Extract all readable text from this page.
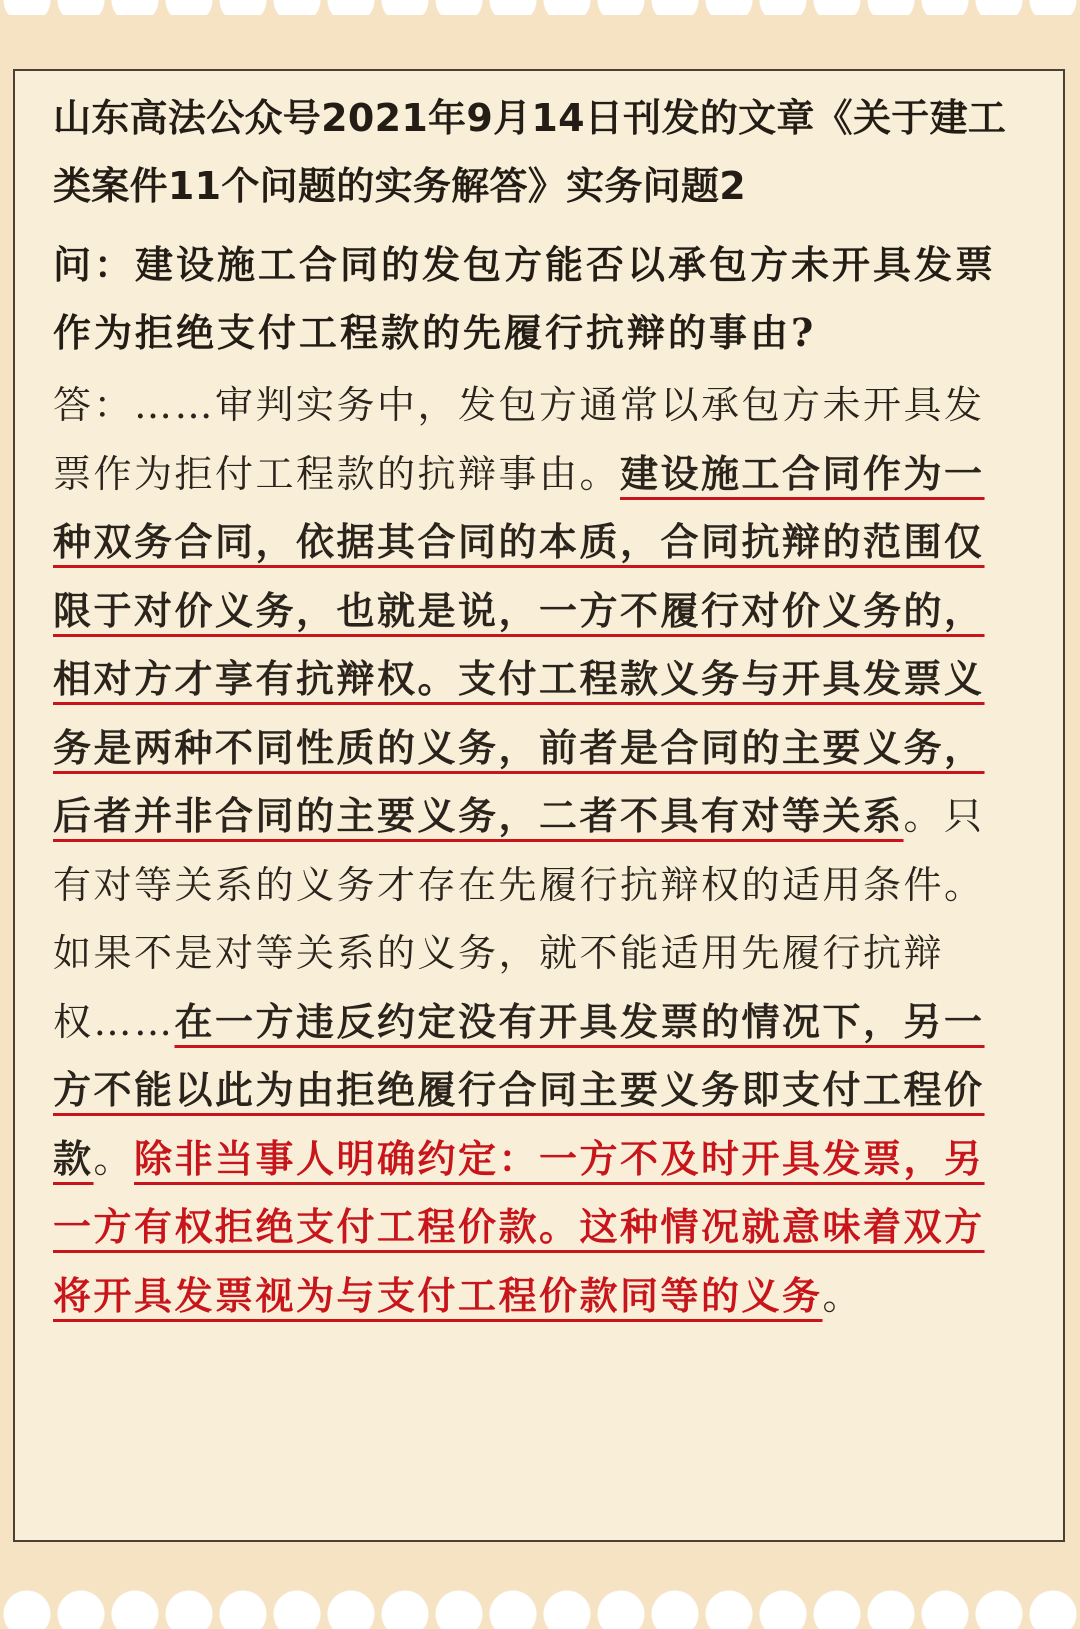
山东高法公众号2021年9月14日刊发的文章《关于建工类案件11个问题的实务解答》实务问题2
问：建设施工合同的发包方能否以承包方未开具发票作为拒绝支付工程款的先履行抗辩的事由?
答：……审判实务中，发包方通常以承包方未开具发票作为拒付工程款的抗辩事由。建设施工合同作为一种双务合同，依据其合同的本质，合同抗辩的范围仅限于对价义务，也就是说，一方不履行对价义务的，相对方才享有抗辩权。支付工程款义务与开具发票义务是两种不同性质的义务，前者是合同的主要义务，后者并非合同的主要义务，二者不具有对等关系。只有对等关系的义务才存在先履行抗辩权的适用条件。如果不是对等关系的义务，就不能适用先履行抗辩权……在一方违反约定没有开具发票的情况下，另一方不能以此为由拒绝履行合同主要义务即支付工程价款。除非当事人明确约定：一方不及时开具发票，另一方有权拒绝支付工程价款。这种情况就意味着双方将开具发票视为与支付工程价款同等的义务。
